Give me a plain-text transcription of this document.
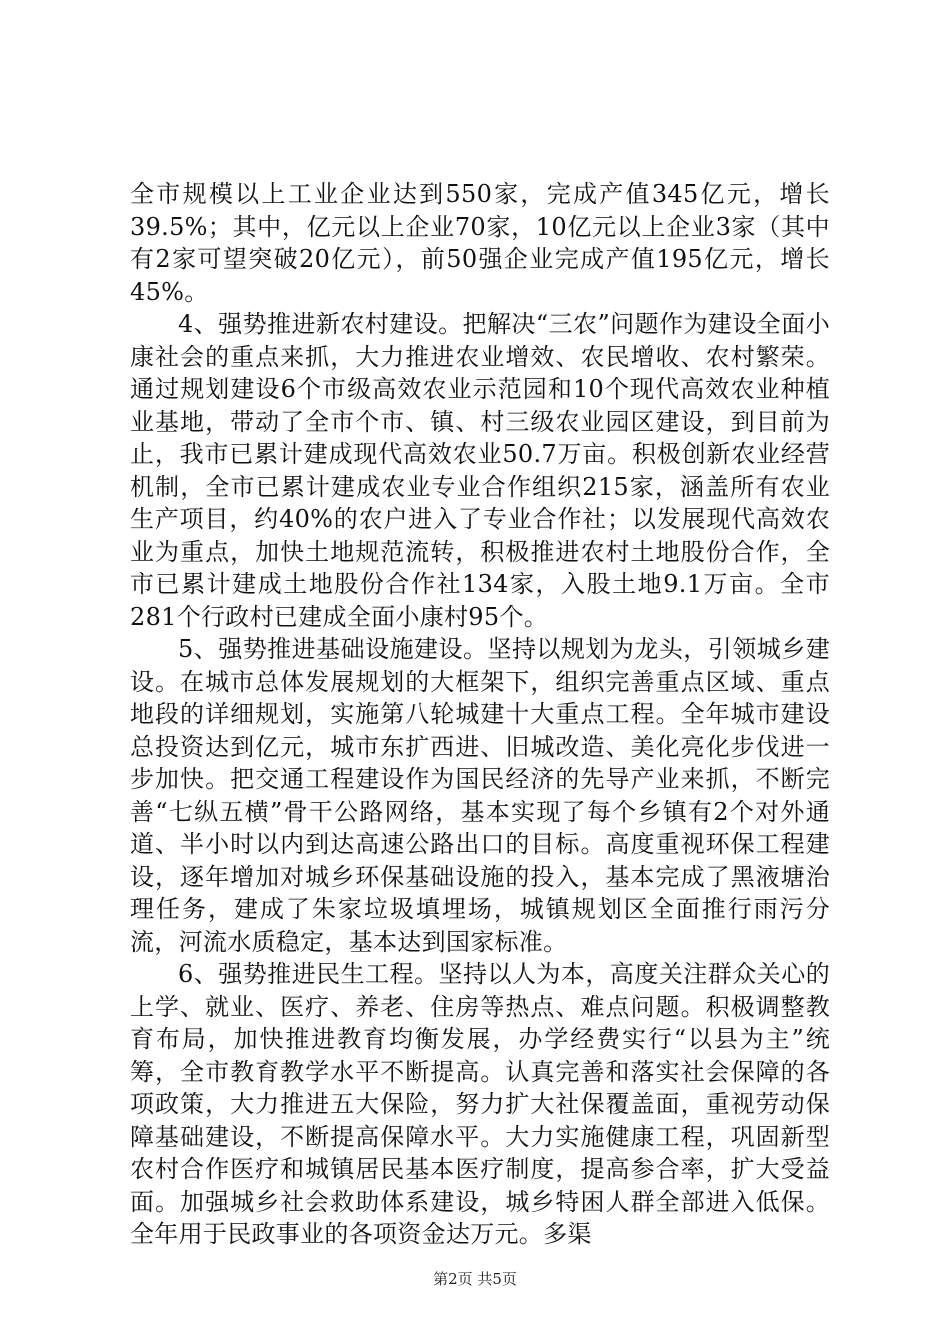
全市规模以上工业企业达到550家，完成产值345亿元，增长39.5%；其中，亿元以上企业70家，10亿元以上企业3家（其中有2家可望突破20亿元），前50强企业完成产值195亿元，增长45%。

4、强势推进新农村建设。把解决“三农”问题作为建设全面小康社会的重点来抓，大力推进农业增效、农民增收、农村繁荣。通过规划建设6个市级高效农业示范园和10个现代高效农业种植业基地，带动了全市个市、镇、村三级农业园区建设，到目前为止，我市已累计建成现代高效农业50.7万亩。积极创新农业经营机制，全市已累计建成农业专业合作组织215家，涵盖所有农业生产项目，约40%的农户进入了专业合作社；以发展现代高效农业为重点，加快土地规范流转，积极推进农村土地股份合作，全市已累计建成土地股份合作社134家，入股土地9.1万亩。全市281个行政村已建成全面小康村95个。

5、强势推进基础设施建设。坚持以规划为龙头，引领城乡建设。在城市总体发展规划的大框架下，组织完善重点区域、重点地段的详细规划，实施第八轮城建十大重点工程。全年城市建设总投资达到亿元，城市东扩西进、旧城改造、美化亮化步伐进一步加快。把交通工程建设作为国民经济的先导产业来抓，不断完善“七纵五横”骨干公路网络，基本实现了每个乡镇有2个对外通道、半小时以内到达高速公路出口的目标。高度重视环保工程建设，逐年增加对城乡环保基础设施的投入，基本完成了黑液塘治理任务，建成了朱家垃圾填埋场，城镇规划区全面推行雨污分流，河流水质稳定，基本达到国家标准。

6、强势推进民生工程。坚持以人为本，高度关注群众关心的上学、就业、医疗、养老、住房等热点、难点问题。积极调整教育布局，加快推进教育均衡发展，办学经费实行“以县为主”统筹，全市教育教学水平不断提高。认真完善和落实社会保障的各项政策，大力推进五大保险，努力扩大社保覆盖面，重视劳动保障基础建设，不断提高保障水平。大力实施健康工程，巩固新型农村合作医疗和城镇居民基本医疗制度，提高参合率，扩大受益面。加强城乡社会救助体系建设，城乡特困人群全部进入低保。全年用于民政事业的各项资金达万元。多渠

第2页 共5页
